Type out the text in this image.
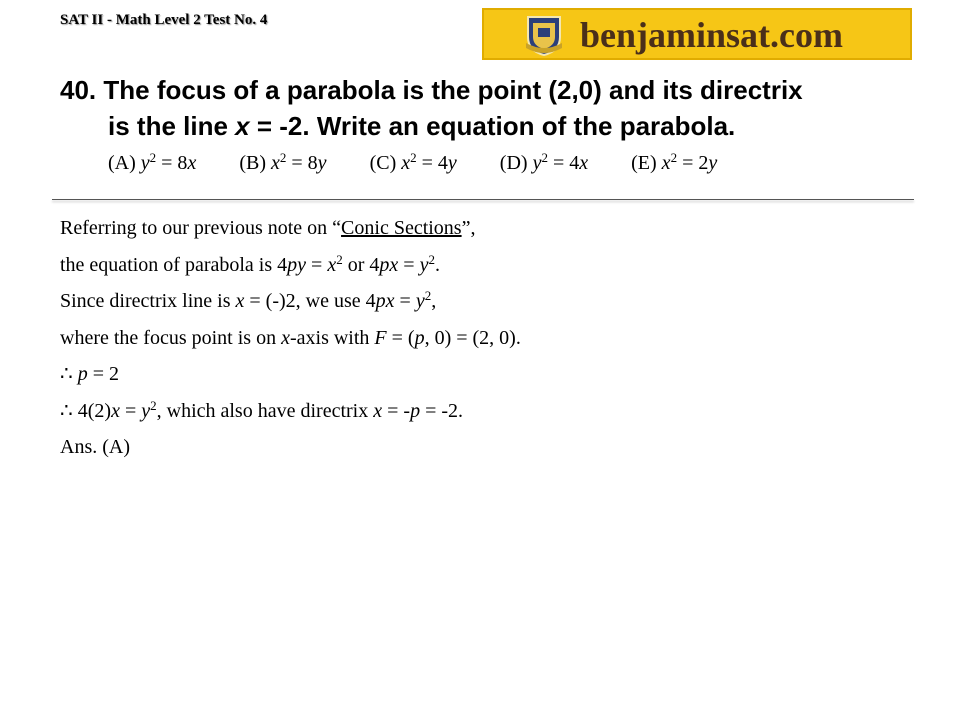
SAT II - Math Level 2 Test No. 4	benjaminsat.com
40. The focus of a parabola is the point (2,0) and its directrix
is the line x = -2. Write an equation of the parabola.
(A) $y^2 = 8x$ (B) $x^2 = 8y$ (C) $x^2 = 4y$ (D) $y^2 = 4x$ (E) $x^2 = 2y$
Referring to our previous note on “Conic Sections”,
the equation of parabola is $4py = x^2$ or $4px = y^2$.
Since directrix line is x = (-)2, we use $4px = y^2$,
where the focus point is on x-axis with F = (p, 0) = (2, 0).
∴ p = 2
∴ $4(2)x = y^2$, which also have directrix x = -p = -2.
Ans. (A)
